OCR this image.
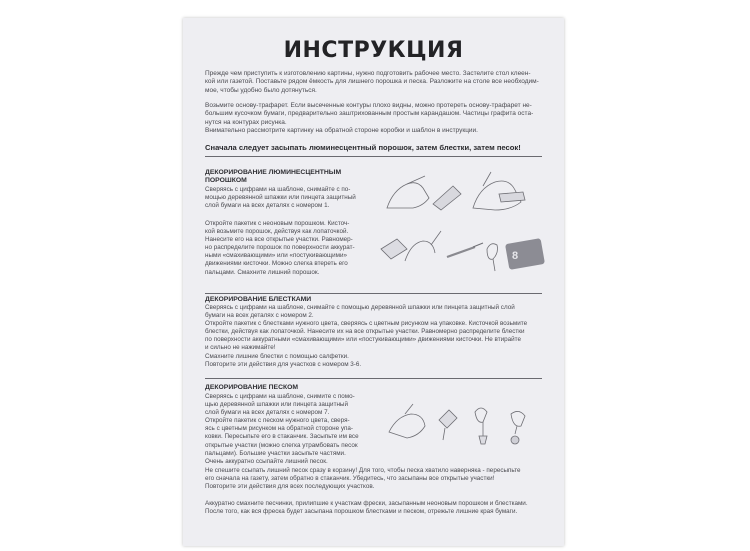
ИНСТРУКЦИЯ
Прежде чем приступить к изготовлению картины, нужно подготовить рабочее место. Застелите стол клеен-
кой или газетой. Поставьте рядом ёмкость для лишнего порошка и песка. Разложите на столе все необходим-
мое, чтобы удобно было дотянуться.
Возьмите основу-трафарет. Если высеченные контуры плохо видны, можно протереть основу-трафарет не-
большим кусочком бумаги, предварительно заштрихованным простым карандашом. Частицы графита оста-
нутся на контурах рисунка.
Внимательно рассмотрите картинку на обратной стороне коробки и шаблон в инструкции.
Сначала следует засыпать люминесцентный порошок, затем блестки, затем песок!
ДЕКОРИРОВАНИЕ ЛЮМИНЕСЦЕНТНЫМ
ПОРОШКОМ
Сверяясь с цифрами на шаблоне, снимайте с по-
мощью деревянной шпажки или пинцета защитный
слой бумаги на всех деталях с номером 1.
Откройте пакетик с неоновым порошком. Кисточ-
кой возьмите порошок, действуя как лопаточкой.
Нанесите его на все открытые участки. Равномер-
но распределите порошок по поверхности аккурат-
ными «смахивающими» или «постукивающими»
движениями кисточки. Можно слегка втереть его
пальцами. Смахните лишний порошок.
8
ДЕКОРИРОВАНИЕ БЛЕСТКАМИ
Сверяясь с цифрами на шаблоне, снимайте с помощью деревянной шпажки или пинцета защитный слой
бумаги на всех деталях с номером 2.
Откройте пакетик с блестками нужного цвета, сверяясь с цветным рисунком на упаковке. Кисточкой возьмите
блестки, действуя как лопаточкой. Нанесите их на все открытые участки. Равномерно распределите блестки
по поверхности аккуратными «смахивающими» или «постукивающими» движениями кисточки. Не втирайте
и сильно не нажимайте!
Смахните лишние блестки с помощью салфетки.
Повторите эти действия для участков с номером 3-6.
ДЕКОРИРОВАНИЕ ПЕСКОМ
Сверяясь с цифрами на шаблоне, снимите с помо-
щью деревянной шпажки или пинцета защитный
слой бумаги на всех деталях с номером 7.
Откройте пакетик с песком нужного цвета, сверя-
ясь с цветным рисунком на обратной стороне упа-
ковки. Пересыпьте его в стаканчик. Засыпьте им все
открытые участки (можно слегка утрамбовать песок
пальцами). Большие участки засыпьте частями.
Очень аккуратно ссыпайте лишний песок.
Не спешите ссыпать лишний песок сразу в корзину! Для того, чтобы песка хватило наверняка - пересыпьте
его сначала на газету, затем обратно в стаканчик. Убедитесь, что засыпаны все открытые участки!
Повторите эти действия для всех последующих участков.
Аккуратно смахните песчинки, прилипшие к участкам фрески, засыпанным неоновым порошком и блестками.
После того, как вся фреска будет засыпана порошком блестками и песком, отрежьте лишние края бумаги.
